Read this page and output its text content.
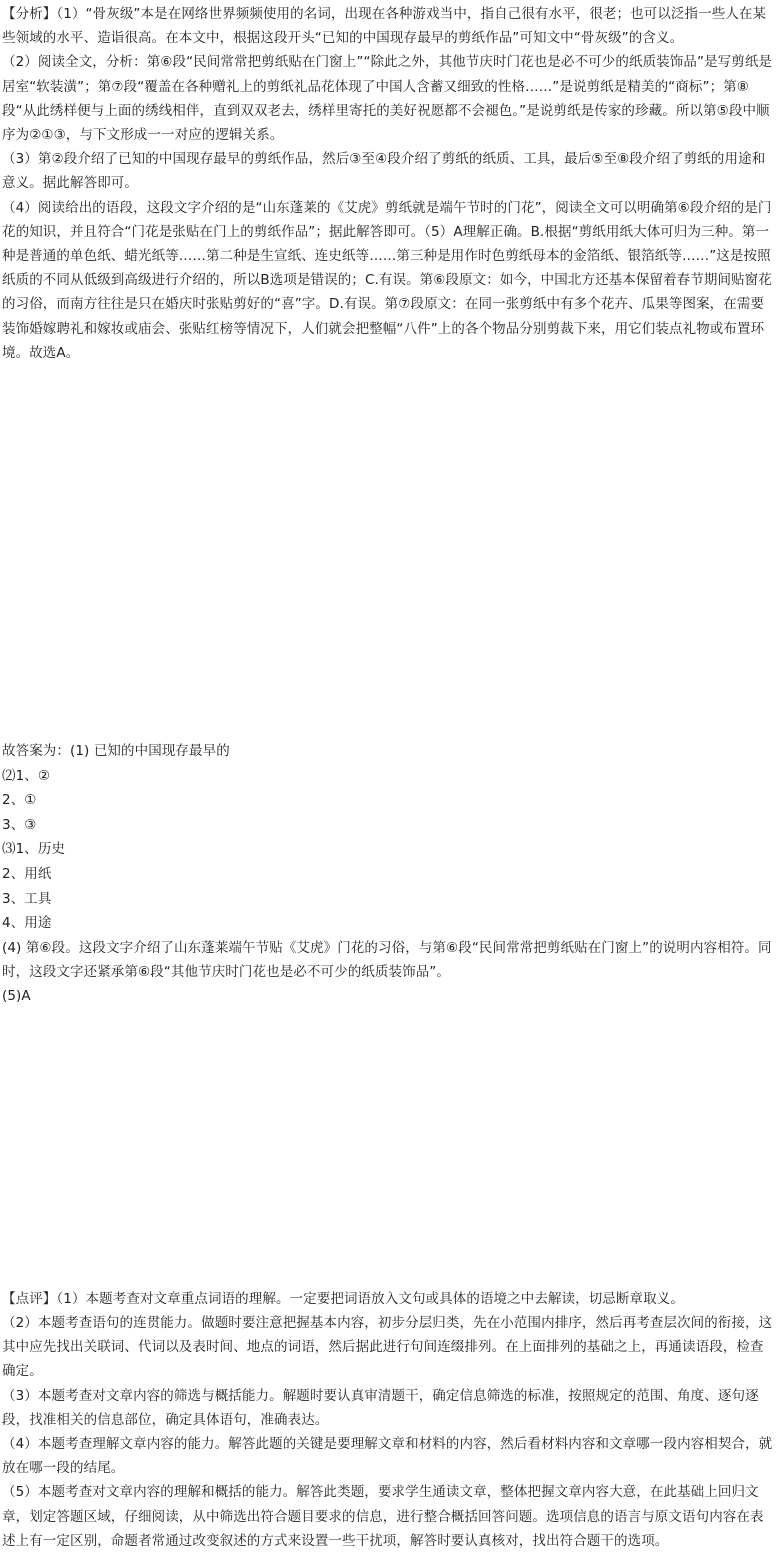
【分析】（1）“骨灰级”本是在网络世界频频使用的名词，出现在各种游戏当中，指自己很有水平，很老；也可以泛指一些人在某些领域的水平、造诣很高。在本文中，根据这段开头“已知的中国现存最早的剪纸作品”可知文中“骨灰级”的含义。

（2）阅读全文，分析：第⑥段“民间常常把剪纸贴在门窗上”“除此之外，其他节庆时门花也是必不可少的纸质装饰品”是写剪纸是居室“软装潢”；第⑦段“覆盖在各种赠礼上的剪纸礼品花体现了中国人含蓄又细致的性格……”是说剪纸是精美的“商标”；第⑧段“从此绣样便与上面的绣线相伴，直到双双老去，绣样里寄托的美好祝愿都不会褪色。”是说剪纸是传家的珍藏。所以第⑤段中顺序为②①③，与下文形成一一对应的逻辑关系。

（3）第②段介绍了已知的中国现存最早的剪纸作品，然后③至④段介绍了剪纸的纸质、工具，最后⑤至⑧段介绍了剪纸的用途和意义。据此解答即可。

（4）阅读给出的语段，这段文字介绍的是“山东蓬莱的《艾虎》剪纸就是端午节时的门花”，阅读全文可以明确第⑥段介绍的是门花的知识，并且符合“门花是张贴在门上的剪纸作品”；据此解答即可。（5）A理解正确。B.根据“剪纸用纸大体可归为三种。第一种是普通的单色纸、蜡光纸等……第二种是生宣纸、连史纸等……第三种是用作时色剪纸母本的金箔纸、银箔纸等……”这是按照纸质的不同从低级到高级进行介绍的，所以B选项是错误的；C.有误。第⑥段原文：如今，中国北方还基本保留着春节期间贴窗花的习俗，而南方往往是只在婚庆时张贴剪好的“喜”字。D.有误。第⑦段原文：在同一张剪纸中有多个花卉、瓜果等图案，在需要装饰婚嫁聘礼和嫁妆或庙会、张贴红榜等情况下，人们就会把整幅“八件”上的各个物品分别剪裁下来，用它们装点礼物或布置环境。故选A。

故答案为：(1) 已知的中国现存最早的
⑵1、②
2、①
3、③
⑶1、历史
2、用纸
3、工具
4、用途
(4) 第⑥段。这段文字介绍了山东蓬莱端午节贴《艾虎》门花的习俗，与第⑥段“民间常常把剪纸贴在门窗上”的说明内容相符。同时，这段文字还紧承第⑥段“其他节庆时门花也是必不可少的纸质装饰品”。
(5)A

【点评】（1）本题考查对文章重点词语的理解。一定要把词语放入文句或具体的语境之中去解读，切忌断章取义。

（2）本题考查语句的连贯能力。做题时要注意把握基本内容，初步分层归类，先在小范围内排序，然后再考查层次间的衔接，这其中应先找出关联词、代词以及表时间、地点的词语，然后据此进行句间连缀排列。在上面排列的基础之上，再通读语段，检查确定。

（3）本题考查对文章内容的筛选与概括能力。解题时要认真审清题干，确定信息筛选的标准，按照规定的范围、角度、逐句逐段，找准相关的信息部位，确定具体语句，准确表达。

（4）本题考查理解文章内容的能力。解答此题的关键是要理解文章和材料的内容，然后看材料内容和文章哪一段内容相契合，就放在哪一段的结尾。

（5）本题考查对文章内容的理解和概括的能力。解答此类题，要求学生通读文章，整体把握文章内容大意，在此基础上回归文章，划定答题区域，仔细阅读，从中筛选出符合题目要求的信息，进行整合概括回答问题。选项信息的语言与原文语句内容在表述上有一定区别，命题者常通过改变叙述的方式来设置一些干扰项，解答时要认真核对，找出符合题干的选项。
